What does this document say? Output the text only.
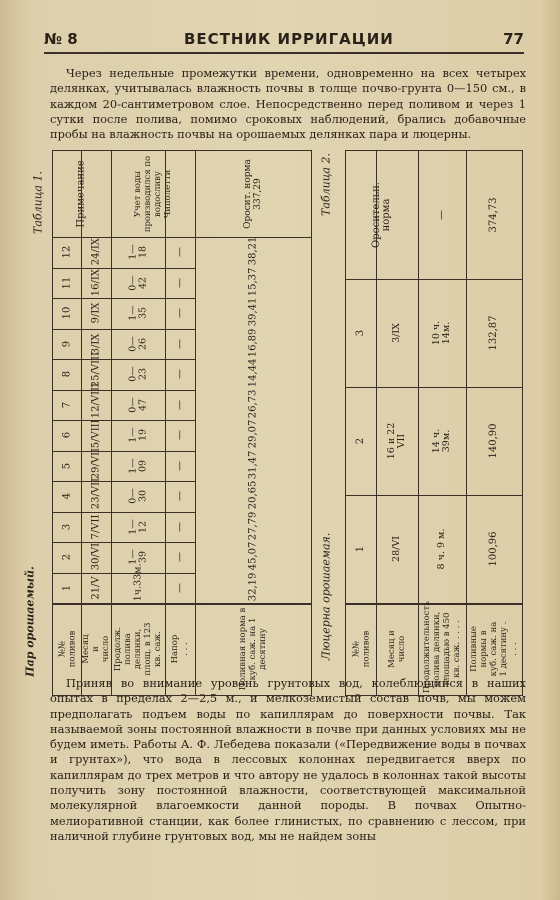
№ 8	ВЕСТНИК ИРРИГАЦИИ	77
Через недельные промежутки времени, одновременно на всех четырех делянках, учитывалась влажность почвы в толще почво-грунта 0—150 см., в каждом 20-сантиметровом слое. Непосредственно перед поливом и через 1 сутки после полива, помимо сроковых наблюдений, брались добавочные пробы на влажность почвы на орошаемых делянках пара и люцерны.
Таблица 1.
Пар орошаемый.
Таблица 2.
Люцерна орошаемая.
Примечание	Учет воды производился по водосливу Чиполетти	Оросит. норма 337,29
1 21/V	1ч.33м.	—	32,19
2 30/VI	1—39	—	45,07
3 7/VII	1—12	—	27,79
4 23/VII	0—30	—	20,65
5 29/VII	1—09	—	31,47
6 5/VIII	1—19	—	29,07
7 12/VIII	0—47	—	26,73
8 25/VIII	0—23	—	14,44
9 3/IX	0—26	—	16,89
10 9/IX	1—35	—	39,41
11 16/IX	0—42	—	15,37
12 24/IX	1—18	—	38,21
№№ поливов Месяц и число Продолж. полива делянки, площ. в 123 кв. саж. Напор . . .	Поливная норма в куб. саж. на 1 десятину
Оросительн. норма	—	374,73
1	28/VI	8 ч. 9 м.	100,96
2 16 и 22 VII	14 ч. 39м.	140,90
3	3/IX	10 ч. 14м.	132,87
№№ поливов Месяц и число Продолжительность полива делянки, площадью в 450 кв. саж. . . . . Поливные нормы в куб. саж. на 1 десятину . . . .
Приняв во внимание уровень грунтовых вод, колеблющийся в наших опытах в пределах 2—2,5 м., и мелкоземистый состав почв, мы можем предполагать подъем воды по капиллярам до поверхности почвы. Так называемой зоны постоянной влажности в почве при данных условиях мы не будем иметь. Работы А. Ф. Лебедева показали («Передвижение воды в почвах и грунтах»), что вода в лессовых колоннах передвигается вверх по капиллярам до трех метров и что автору не удалось в колоннах такой высоты получить зону постоянной влажности, соответствующей максимальной молекулярной влагоемкости данной породы. В почвах Опытно-мелиоративной станции, как более глинистых, по сравнению с лессом, при наличной глубине грунтовых вод, мы не найдем зоны
